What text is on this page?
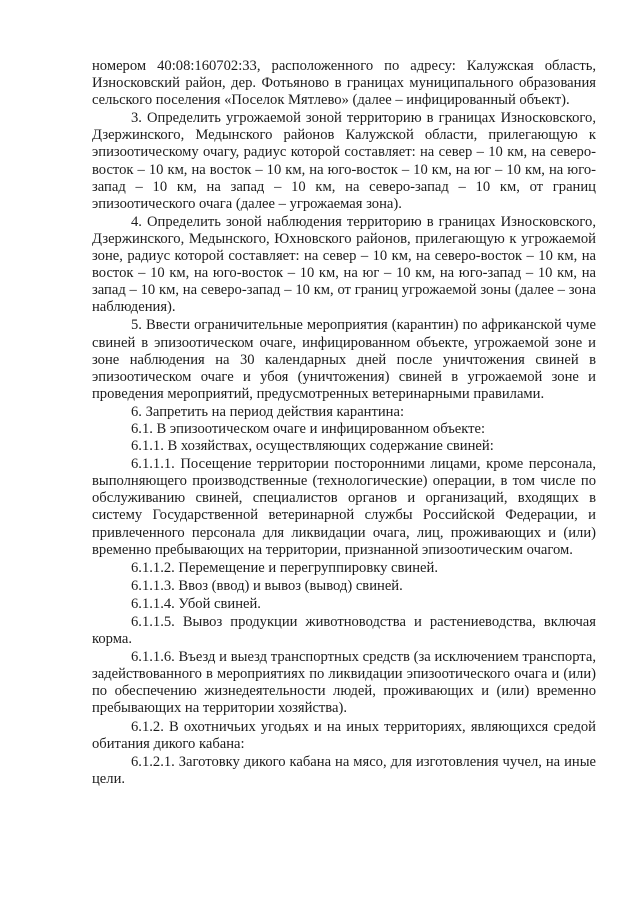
номером 40:08:160702:33, расположенного по адресу: Калужская область, Износковский район, дер. Фотьяново в границах муниципального образования сельского поселения «Поселок Мятлево» (далее – инфицированный объект).

3. Определить угрожаемой зоной территорию в границах Износковского, Дзержинского, Медынского районов Калужской области, прилегающую к эпизоотическому очагу, радиус которой составляет: на север – 10 км, на северо-восток – 10 км, на восток – 10 км, на юго-восток – 10 км, на юг – 10 км, на юго-запад – 10 км, на запад – 10 км, на северо-запад – 10 км, от границ эпизоотического очага (далее – угрожаемая зона).

4. Определить зоной наблюдения территорию в границах Износковского, Дзержинского, Медынского, Юхновского районов, прилегающую к угрожаемой зоне, радиус которой составляет: на север – 10 км, на северо-восток – 10 км, на восток – 10 км, на юго-восток – 10 км, на юг – 10 км, на юго-запад – 10 км, на запад – 10 км, на северо-запад – 10 км, от границ угрожаемой зоны (далее – зона наблюдения).

5. Ввести ограничительные мероприятия (карантин) по африканской чуме свиней в эпизоотическом очаге, инфицированном объекте, угрожаемой зоне и зоне наблюдения на 30 календарных дней после уничтожения свиней в эпизоотическом очаге и убоя (уничтожения) свиней в угрожаемой зоне и проведения мероприятий, предусмотренных ветеринарными правилами.

6. Запретить на период действия карантина:

6.1. В эпизоотическом очаге и инфицированном объекте:

6.1.1. В хозяйствах, осуществляющих содержание свиней:

6.1.1.1. Посещение территории посторонними лицами, кроме персонала, выполняющего производственные (технологические) операции, в том числе по обслуживанию свиней, специалистов органов и организаций, входящих в систему Государственной ветеринарной службы Российской Федерации, и привлеченного персонала для ликвидации очага, лиц, проживающих и (или) временно пребывающих на территории, признанной эпизоотическим очагом.

6.1.1.2. Перемещение и перегруппировку свиней.

6.1.1.3. Ввоз (ввод) и вывоз (вывод) свиней.

6.1.1.4. Убой свиней.

6.1.1.5. Вывоз продукции животноводства и растениеводства, включая корма.

6.1.1.6. Въезд и выезд транспортных средств (за исключением транспорта, задействованного в мероприятиях по ликвидации эпизоотического очага и (или) по обеспечению жизнедеятельности людей, проживающих и (или) временно пребывающих на территории хозяйства).

6.1.2. В охотничьих угодьях и на иных территориях, являющихся средой обитания дикого кабана:

6.1.2.1. Заготовку дикого кабана на мясо, для изготовления чучел, на иные цели.
